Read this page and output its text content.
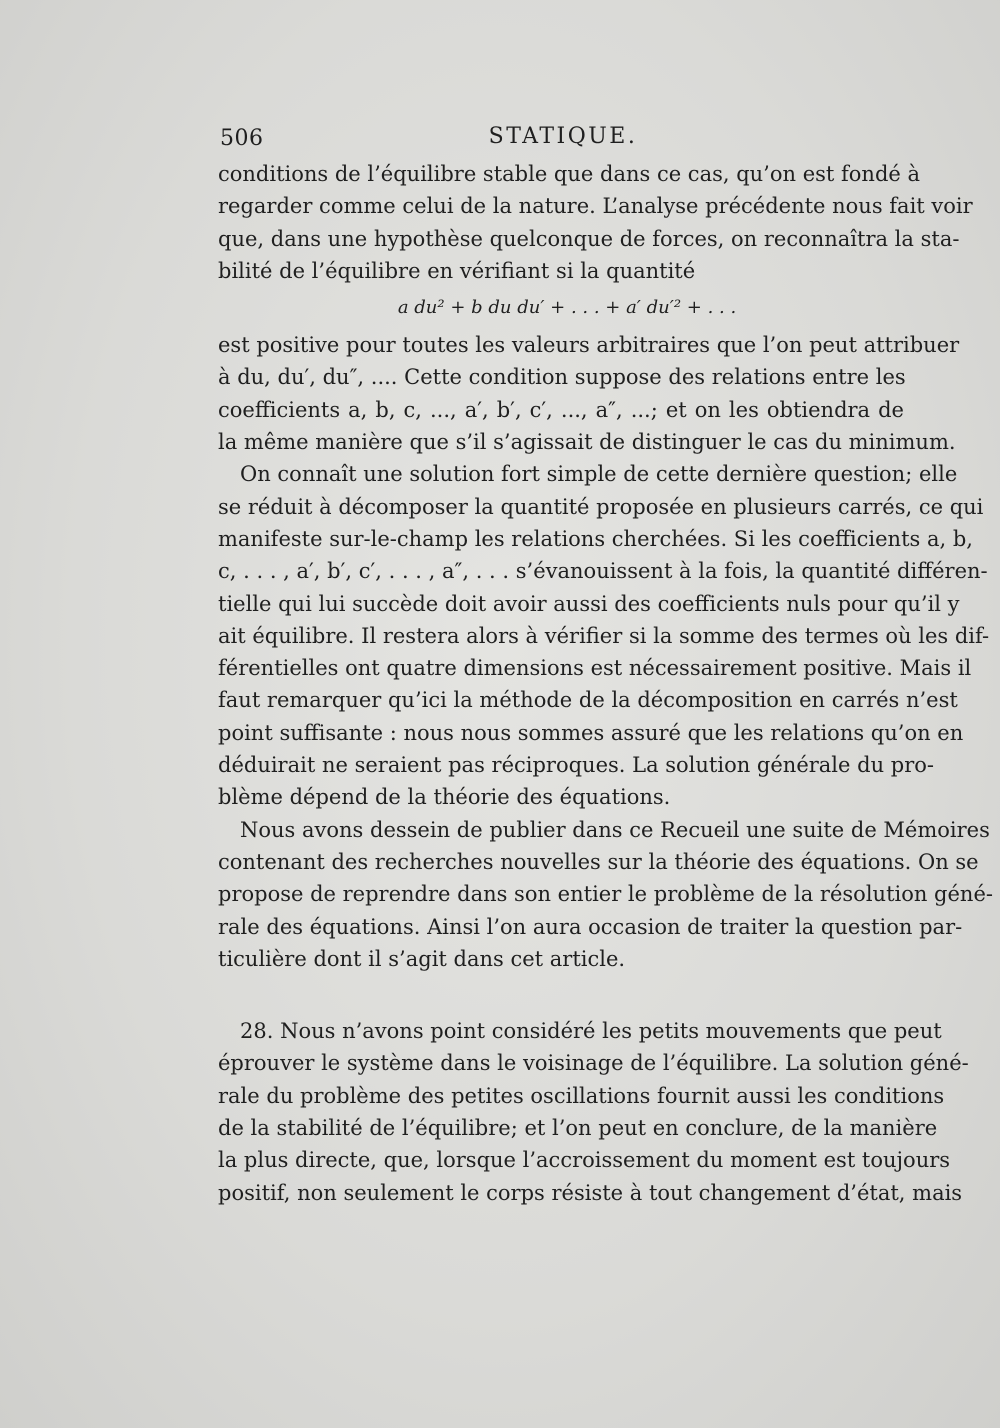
506	STATIQUE.
conditions de l’équilibre stable que dans ce cas, qu’on est fondé à
regarder comme celui de la nature. L’analyse précédente nous fait voir
que, dans une hypothèse quelconque de forces, on reconnaîtra la sta-
bilité de l’équilibre en vérifiant si la quantité
a du² + b du du′ + . . . + a′ du′² + . . .
est positive pour toutes les valeurs arbitraires que l’on peut attribuer
à du, du′, du″, .... Cette condition suppose des relations entre les
coefficients a, b, c, ..., a′, b′, c′, ..., a″, ...; et on les obtiendra de
la même manière que s’il s’agissait de distinguer le cas du minimum.
On connaît une solution fort simple de cette dernière question; elle
se réduit à décomposer la quantité proposée en plusieurs carrés, ce qui
manifeste sur-le-champ les relations cherchées. Si les coefficients a, b,
c, . . . , a′, b′, c′, . . . , a″, . . . s’évanouissent à la fois, la quantité différen-
tielle qui lui succède doit avoir aussi des coefficients nuls pour qu’il y
ait équilibre. Il restera alors à vérifier si la somme des termes où les dif-
férentielles ont quatre dimensions est nécessairement positive. Mais il
faut remarquer qu’ici la méthode de la décomposition en carrés n’est
point suffisante : nous nous sommes assuré que les relations qu’on en
déduirait ne seraient pas réciproques. La solution générale du pro-
blème dépend de la théorie des équations.
Nous avons dessein de publier dans ce Recueil une suite de Mémoires
contenant des recherches nouvelles sur la théorie des équations. On se
propose de reprendre dans son entier le problème de la résolution géné-
rale des équations. Ainsi l’on aura occasion de traiter la question par-
ticulière dont il s’agit dans cet article.
28. Nous n’avons point considéré les petits mouvements que peut
éprouver le système dans le voisinage de l’équilibre. La solution géné-
rale du problème des petites oscillations fournit aussi les conditions
de la stabilité de l’équilibre; et l’on peut en conclure, de la manière
la plus directe, que, lorsque l’accroissement du moment est toujours
positif, non seulement le corps résiste à tout changement d’état, mais
